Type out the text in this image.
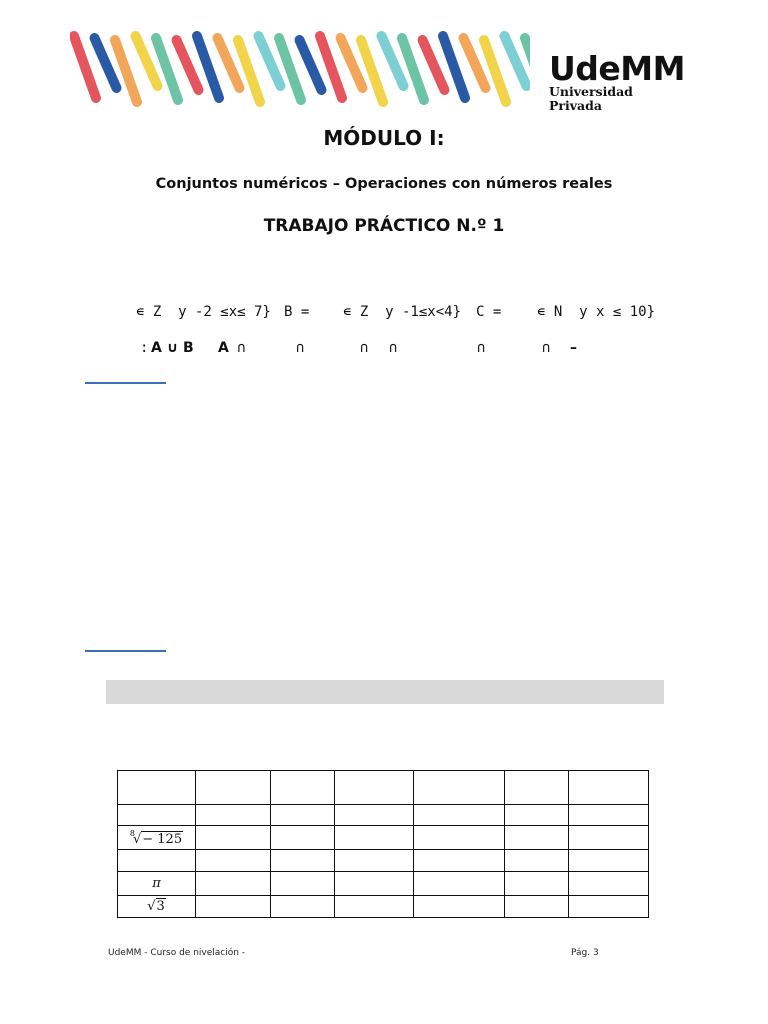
UdeMM
Universidad Privada
MÓDULO I:
Conjuntos numéricos – Operaciones con números reales
TRABAJO PRÁCTICO N.º 1
∊ Z  y -2 ≤x≤ 7} B = ∊ Z  y -1≤x<4} C =	∊ N  y x ≤ 10}
: A ∪ B A ∩	∩	∩ ∩	∩	∩ –

$^8$√− 125						

π						
√3						
UdeMM - Curso de nivelación -	Pág. 3
